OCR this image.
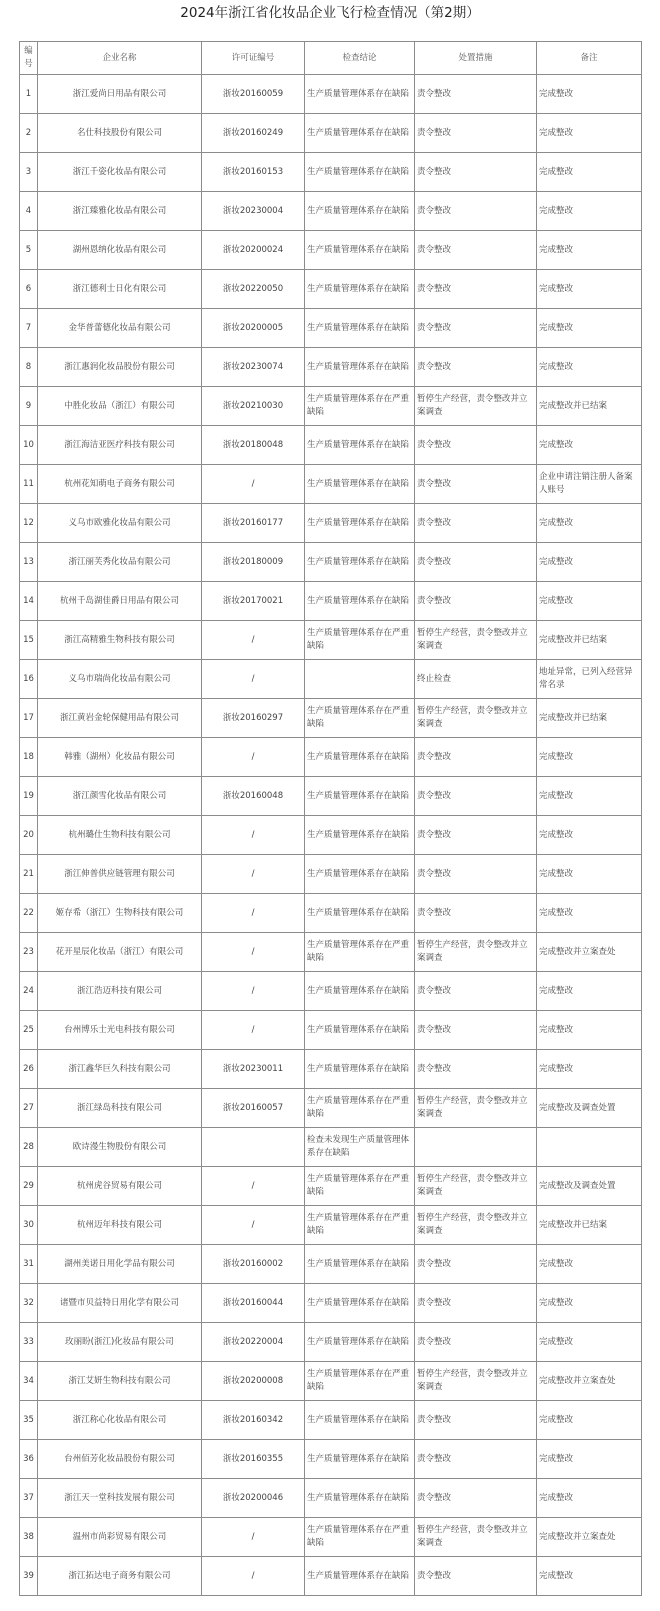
2024年浙江省化妆品企业飞行检查情况（第2期）
编号	企业名称	许可证编号	检查结论	处置措施	备注
1	浙江爱尚日用品有限公司	浙妆20160059	生产质量管理体系存在缺陷	责令整改	完成整改
2	名仕科技股份有限公司	浙妆20160249	生产质量管理体系存在缺陷	责令整改	完成整改
3	浙江千姿化妆品有限公司	浙妆20160153	生产质量管理体系存在缺陷	责令整改	完成整改
4	浙江臻雅化妆品有限公司	浙妆20230004	生产质量管理体系存在缺陷	责令整改	完成整改
5	湖州恩纳化妆品有限公司	浙妆20200024	生产质量管理体系存在缺陷	责令整改	完成整改
6	浙江德利士日化有限公司	浙妆20220050	生产质量管理体系存在缺陷	责令整改	完成整改
7	金华普蕾德化妆品有限公司	浙妆20200005	生产质量管理体系存在缺陷	责令整改	完成整改
8	浙江惠润化妆品股份有限公司	浙妆20230074	生产质量管理体系存在缺陷	责令整改	完成整改
9	中胜化妆品（浙江）有限公司	浙妆20210030	生产质量管理体系存在严重缺陷	暂停生产经营，责令整改并立案调查	完成整改并已结案
10	浙江海洁亚医疗科技有限公司	浙妆20180048	生产质量管理体系存在缺陷	责令整改	完成整改
11	杭州花知萌电子商务有限公司	/	生产质量管理体系存在缺陷	责令整改	企业申请注销注册人备案人账号
12	义乌市欧雅化妆品有限公司	浙妆20160177	生产质量管理体系存在缺陷	责令整改	完成整改
13	浙江丽芙秀化妆品有限公司	浙妆20180009	生产质量管理体系存在缺陷	责令整改	完成整改
14	杭州千岛湖佳爵日用品有限公司	浙妆20170021	生产质量管理体系存在缺陷	责令整改	完成整改
15	浙江高精雅生物科技有限公司	/	生产质量管理体系存在严重缺陷	暂停生产经营，责令整改并立案调查	完成整改并已结案
16	义乌市瑞尚化妆品有限公司	/		终止检查	地址异常，已列入经营异常名录
17	浙江黄岩金轮保健用品有限公司	浙妆20160297	生产质量管理体系存在严重缺陷	暂停生产经营，责令整改并立案调查	完成整改并已结案
18	韩雅（湖州）化妆品有限公司	/	生产质量管理体系存在缺陷	责令整改	完成整改
19	浙江颜雪化妆品有限公司	浙妆20160048	生产质量管理体系存在缺陷	责令整改	完成整改
20	杭州璐仕生物科技有限公司	/	生产质量管理体系存在缺陷	责令整改	完成整改
21	浙江伸普供应链管理有限公司	/	生产质量管理体系存在缺陷	责令整改	完成整改
22	姬存希（浙江）生物科技有限公司	/	生产质量管理体系存在缺陷	责令整改	完成整改
23	花开星辰化妆品（浙江）有限公司	/	生产质量管理体系存在严重缺陷	暂停生产经营，责令整改并立案调查	完成整改并立案查处
24	浙江浩迈科技有限公司	/	生产质量管理体系存在缺陷	责令整改	完成整改
25	台州博乐士光电科技有限公司	/	生产质量管理体系存在缺陷	责令整改	完成整改
26	浙江鑫华巨久科技有限公司	浙妆20230011	生产质量管理体系存在缺陷	责令整改	完成整改
27	浙江绿岛科技有限公司	浙妆20160057	生产质量管理体系存在严重缺陷	暂停生产经营，责令整改并立案调查	完成整改及调查处置
28	欧诗漫生物股份有限公司		检查未发现生产质量管理体系存在缺陷		
29	杭州虎谷贸易有限公司	/	生产质量管理体系存在严重缺陷	暂停生产经营，责令整改并立案调查	完成整改及调查处置
30	杭州迈年科技有限公司	/	生产质量管理体系存在严重缺陷	暂停生产经营，责令整改并立案调查	完成整改并已结案
31	湖州美诺日用化学品有限公司	浙妆20160002	生产质量管理体系存在缺陷	责令整改	完成整改
32	诸暨市贝益特日用化学有限公司	浙妆20160044	生产质量管理体系存在缺陷	责令整改	完成整改
33	玫丽盼(浙江)化妆品有限公司	浙妆20220004	生产质量管理体系存在缺陷	责令整改	完成整改
34	浙江艾妍生物科技有限公司	浙妆20200008	生产质量管理体系存在严重缺陷	暂停生产经营，责令整改并立案调查	完成整改并立案查处
35	浙江称心化妆品有限公司	浙妆20160342	生产质量管理体系存在缺陷	责令整改	完成整改
36	台州佰芳化妆品股份有限公司	浙妆20160355	生产质量管理体系存在缺陷	责令整改	完成整改
37	浙江天一堂科技发展有限公司	浙妆20200046	生产质量管理体系存在缺陷	责令整改	完成整改
38	温州市尚彩贸易有限公司	/	生产质量管理体系存在严重缺陷	暂停生产经营，责令整改并立案调查	完成整改并立案查处
39	浙江拓达电子商务有限公司	/	生产质量管理体系存在缺陷	责令整改	完成整改
